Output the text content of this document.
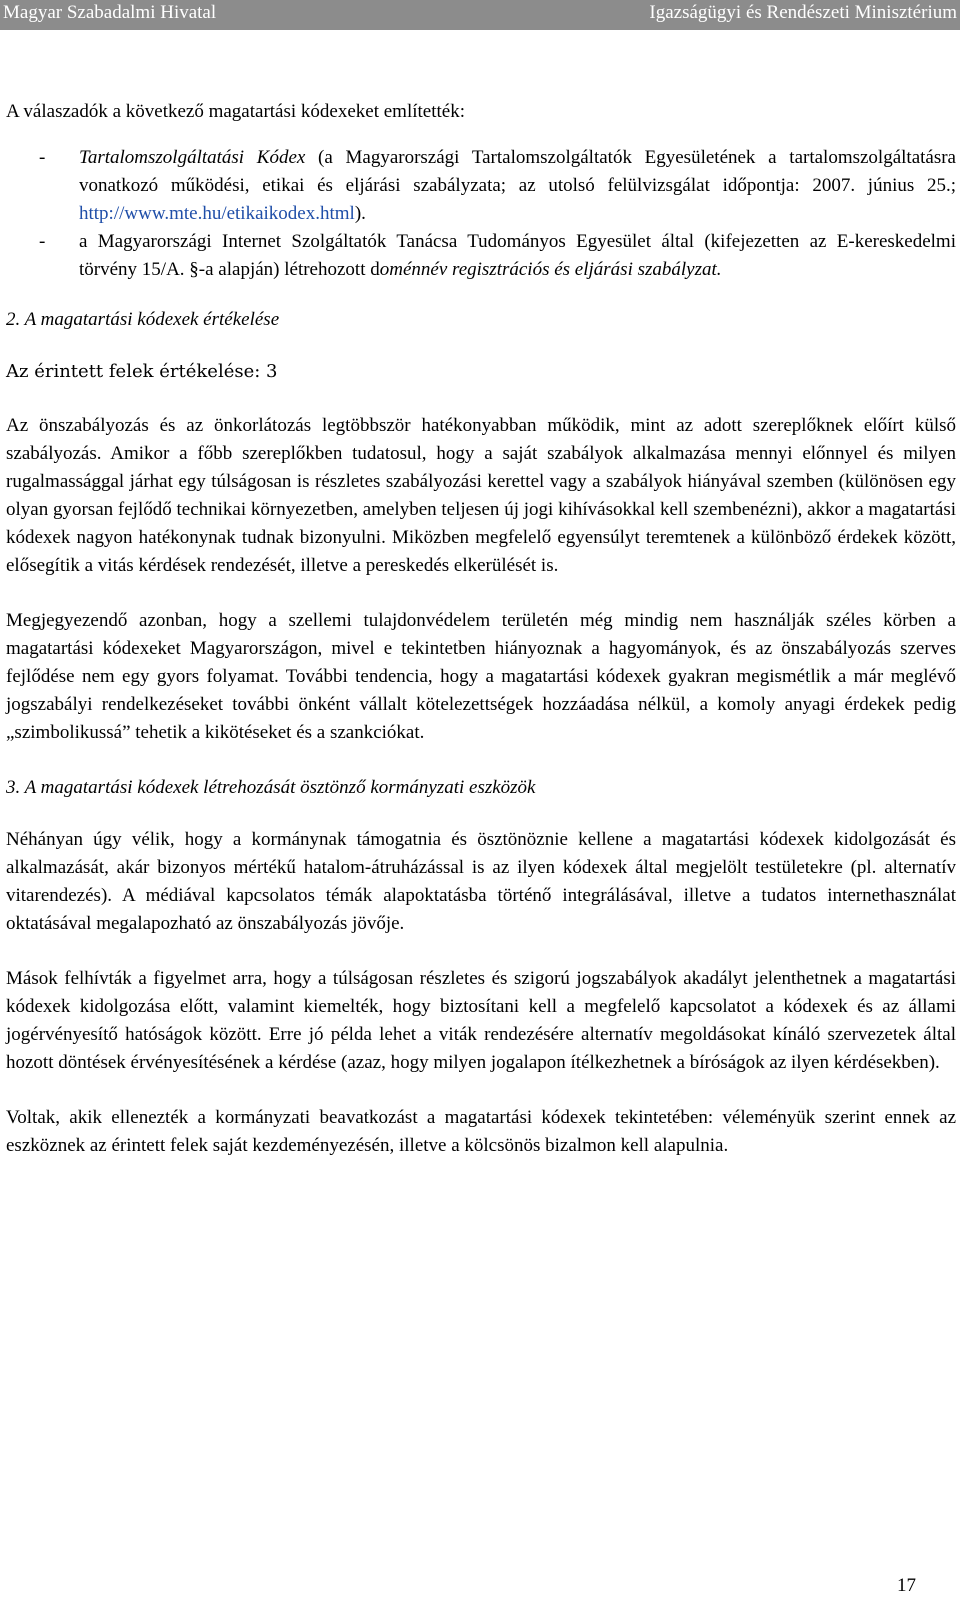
Magyar Szabadalmi Hivatal	Igazságügyi és Rendészeti Minisztérium

A válaszadók a következő magatartási kódexeket említették:

- Tartalomszolgáltatási Kódex (a Magyarországi Tartalomszolgáltatók Egyesületének a tartalomszolgáltatásra vonatkozó működési, etikai és eljárási szabályzata; az utolsó felülvizsgálat időpontja: 2007. június 25.; http://www.mte.hu/etikaikodex.html).
- a Magyarországi Internet Szolgáltatók Tanácsa Tudományos Egyesület által (kifejezetten az E-kereskedelmi törvény 15/A. §-a alapján) létrehozott doménnév regisztrációs és eljárási szabályzat.

2. A magatartási kódexek értékelése

Az érintett felek értékelése: 3

Az önszabályozás és az önkorlátozás legtöbbször hatékonyabban működik, mint az adott szereplőknek előírt külső szabályozás. Amikor a főbb szereplőkben tudatosul, hogy a saját szabályok alkalmazása mennyi előnnyel és milyen rugalmassággal járhat egy túlságosan is részletes szabályozási kerettel vagy a szabályok hiányával szemben (különösen egy olyan gyorsan fejlődő technikai környezetben, amelyben teljesen új jogi kihívásokkal kell szembenézni), akkor a magatartási kódexek nagyon hatékonynak tudnak bizonyulni. Miközben megfelelő egyensúlyt teremtenek a különböző érdekek között, elősegítik a vitás kérdések rendezését, illetve a pereskedés elkerülését is.

Megjegyezendő azonban, hogy a szellemi tulajdonvédelem területén még mindig nem használják széles körben a magatartási kódexeket Magyarországon, mivel e tekintetben hiányoznak a hagyományok, és az önszabályozás szerves fejlődése nem egy gyors folyamat. További tendencia, hogy a magatartási kódexek gyakran megismétlik a már meglévő jogszabályi rendelkezéseket további önként vállalt kötelezettségek hozzáadása nélkül, a komoly anyagi érdekek pedig „szimbolikussá” tehetik a kikötéseket és a szankciókat.

3. A magatartási kódexek létrehozását ösztönző kormányzati eszközök

Néhányan úgy vélik, hogy a kormánynak támogatnia és ösztönöznie kellene a magatartási kódexek kidolgozását és alkalmazását, akár bizonyos mértékű hatalom-átruházással is az ilyen kódexek által megjelölt testületekre (pl. alternatív vitarendezés). A médiával kapcsolatos témák alapoktatásba történő integrálásával, illetve a tudatos internethasználat oktatásával megalapozható az önszabályozás jövője.

Mások felhívták a figyelmet arra, hogy a túlságosan részletes és szigorú jogszabályok akadályt jelenthetnek a magatartási kódexek kidolgozása előtt, valamint kiemelték, hogy biztosítani kell a megfelelő kapcsolatot a kódexek és az állami jogérvényesítő hatóságok között. Erre jó példa lehet a viták rendezésére alternatív megoldásokat kínáló szervezetek által hozott döntések érvényesítésének a kérdése (azaz, hogy milyen jogalapon ítélkezhetnek a bíróságok az ilyen kérdésekben).

Voltak, akik ellenezték a kormányzati beavatkozást a magatartási kódexek tekintetében: véleményük szerint ennek az eszköznek az érintett felek saját kezdeményezésén, illetve a kölcsönös bizalmon kell alapulnia.

17
